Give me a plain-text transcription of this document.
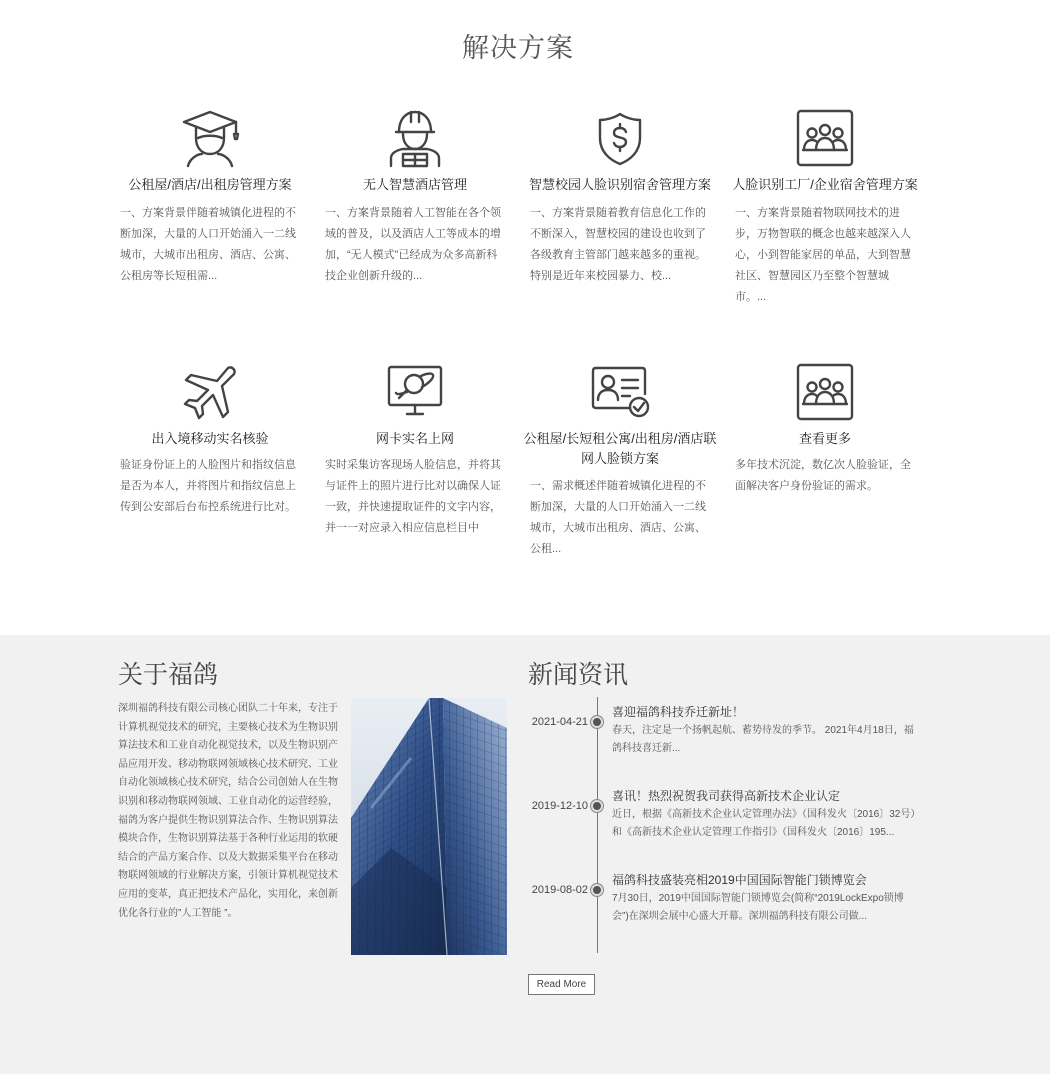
解决方案
公租屋/酒店/出租房管理方案
一、方案背景伴随着城镇化进程的不断加深，大量的人口开始涌入一二线城市，大城市出租房、酒店、公寓、公租房等长短租需...
无人智慧酒店管理
一、方案背景随着人工智能在各个领域的普及，以及酒店人工等成本的增加，“无人模式”已经成为众多高新科技企业创新升级的...
智慧校园人脸识别宿舍管理方案
一、方案背景随着教育信息化工作的不断深入，智慧校园的建设也收到了各级教育主管部门越来越多的重视。特别是近年来校园暴力、校...
人脸识别工厂/企业宿舍管理方案
一、方案背景随着物联网技术的进步，万物智联的概念也越来越深入人心，小到智能家居的单品，大到智慧社区、智慧园区乃至整个智慧城市。...
出入境移动实名核验
验证身份证上的人脸图片和指纹信息是否为本人，并将图片和指纹信息上传到公安部后台布控系统进行比对。
网卡实名上网
实时采集访客现场人脸信息，并将其与证件上的照片进行比对以确保人证一致，并快速提取证件的文字内容，并一一对应录入相应信息栏目中
公租屋/长短租公寓/出租房/酒店联网人脸锁方案
一、需求概述伴随着城镇化进程的不断加深，大量的人口开始涌入一二线城市，大城市出租房、酒店、公寓、公租...
查看更多
多年技术沉淀，数亿次人脸验证，全面解决客户身份验证的需求。
关于福鸽
深圳福鸽科技有限公司核心团队二十年来，专注于计算机视觉技术的研究，主要核心技术为生物识别算法技术和工业自动化视觉技术，以及生物识别产品应用开发、移动物联网领域核心技术研究、工业自动化领域核心技术研究，结合公司创始人在生物识别和移动物联网领域、工业自动化的运营经验，福鸽为客户提供生物识别算法合作、生物识别算法模块合作，生物识别算法基于各种行业运用的软硬结合的产品方案合作、以及大数据采集平台在移动物联网领域的行业解决方案，引领计算机视觉技术应用的变革，真正把技术产品化，实用化，来创新优化各行业的”人工智能 ”。
新闻资讯
2021-04-21
喜迎福鸽科技乔迁新址！
春天，注定是一个扬帆起航、蓄势待发的季节。 2021年4月18日，福鸽科技喜迁新...
2019-12-10
喜讯！热烈祝贺我司获得高新技术企业认定
近日，根据《高新技术企业认定管理办法》（国科发火〔2016〕32号）和《高新技术企业认定管理工作指引》（国科发火〔2016〕195...
2019-08-02
福鸽科技盛装亮相2019中国国际智能门锁博览会
7月30日，2019中国国际智能门锁博览会(简称“2019LockExpo锁博会”)在深圳会展中心盛大开幕。深圳福鸽科技有限公司做...
Read More
